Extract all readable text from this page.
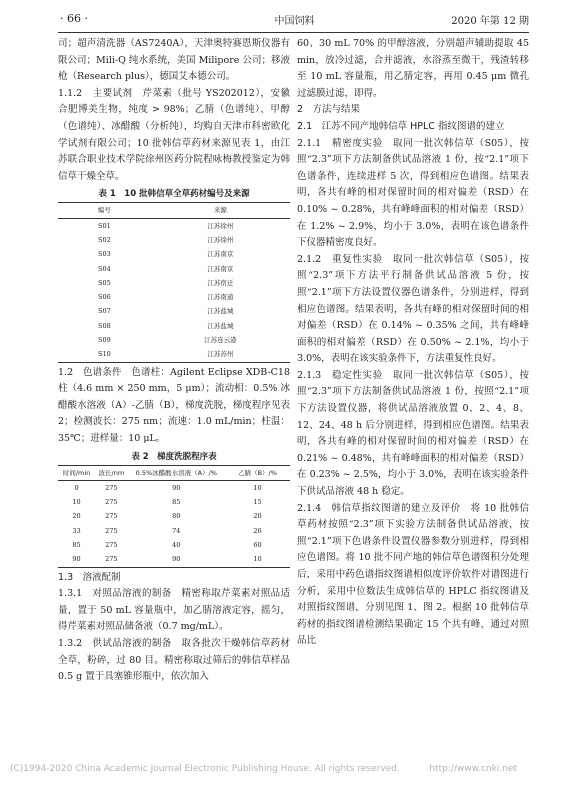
· 66 ·	中国饲料	2020 年第 12 期

司；超声清洗器（AS7240A），天津奥特赛恩斯仪器有限公司；Mili-Q 纯水系统，美国 Milipore 公司；移液枪（Research plus），德国艾本德公司。

1.1.2　主要试剂　芹菜素（批号 YS202012），安徽合肥博美生物，纯度 > 98%；乙腈（色谱纯）、甲醇（色谱纯）、冰醋酸（分析纯），均购自天津市科密欧化学试剂有限公司；10 批韩信草药材来源见表 1，由江苏联合职业技术学院徐州医药分院程咏梅教授鉴定为韩信草干燥全草。

表 1　10 批韩信草全草药材编号及来源
编号	来源
S01	江苏徐州
S02	江苏徐州
S03	江苏南京
S04	江苏南京
S05	江苏宿迁
S06	江苏南通
S07	江苏盐城
S08	江苏盐城
S09	江苏连云港
S10	江苏苏州

1.2　色谱条件　色谱柱：Agilent Eclipse XDB-C18 柱（4.6 mm × 250 mm，5 μm）；流动相：0.5% 冰醋酸水溶液（A）-乙腈（B），梯度洗脱，梯度程序见表 2；检测波长：275 nm；流速：1.0 mL/min；柱温：35℃；进样量：10 μL。

表 2　梯度洗脱程序表
时间/min	波长/nm	0.5%冰醋酸水溶液（A）/%	乙腈（B）/%
0	275	90	10
10	275	85	15
20	275	80	20
33	275	74	26
85	275	40	60
90	275	90	10

1.3　溶液配制

1.3.1　对照品溶液的制备　精密称取芹菜素对照品适量，置于 50 mL 容量瓶中，加乙腈溶液定容，摇匀，得芹菜素对照品储备液（0.7 mg/mL）。

1.3.2　供试品溶液的制备　取各批次干燥韩信草药材全草，粉碎，过 80 目。精密称取过筛后的韩信草样品 0.5 g 置于具塞锥形瓶中，依次加入

60、30 mL 70% 的甲醇溶液，分别超声辅助提取 45 min，放冷过滤，合并滤液，水浴蒸至微干，残渣转移至 10 mL 容量瓶，用乙腈定容，再用 0.45 μm 微孔过滤膜过滤，即得。

2　方法与结果

2.1　江苏不同产地韩信草 HPLC 指纹图谱的建立

2.1.1　精密度实验　取同一批次韩信草（S05），按照“2.3”项下方法制备供试品溶液 1 份，按“2.1”项下色谱条件，连续进样 5 次，得到相应色谱图。结果表明，各共有峰的相对保留时间的相对偏差（RSD）在 0.10% ~ 0.28%，共有峰峰面积的相对偏差（RSD）在 1.2% ~ 2.9%，均小于 3.0%，表明在该色谱条件下仪器精密度良好。

2.1.2　重复性实验　取同一批次韩信草（S05），按照“2.3”项下方法平行制备供试品溶液 5 份，按照“2.1”项下方法设置仪器色谱条件，分别进样，得到相应色谱图。结果表明，各共有峰的相对保留时间的相对偏差（RSD）在 0.14% ~ 0.35% 之间，共有峰峰面积的相对偏差（RSD）在 0.50% ~ 2.1%，均小于 3.0%，表明在该实验条件下，方法重复性良好。

2.1.3　稳定性实验　取同一批次韩信草（S05），按照“2.3”项下方法制备供试品溶液 1 份，按照“2.1”项下方法设置仪器，将供试品溶液放置 0、2、4、8、12、24、48 h 后分别进样，得到相应色谱图。结果表明，各共有峰的相对保留时间的相对偏差（RSD）在 0.21% ~ 0.48%，共有峰峰面积的相对偏差（RSD）在 0.23% ~ 2.5%，均小于 3.0%，表明在该实验条件下供试品溶液 48 h 稳定。

2.1.4　韩信草指纹图谱的建立及评价　将 10 批韩信草药材按照“2.3”项下实验方法制备供试品溶液，按照“2.1”项下色谱条件设置仪器参数分别进样，得到相应色谱图。将 10 批不同产地的韩信草色谱图积分处理后，采用中药色谱指纹图谱相似度评价软件对谱图进行分析，采用中位数法生成韩信草的 HPLC 指纹图谱及对照指纹图谱，分别见图 1、图 2。根据 10 批韩信草药材的指纹图谱检测结果确定 15 个共有峰，通过对照品比

(C)1994-2020 China Academic Journal Electronic Publishing House. All rights reserved.	http://www.cnki.net
